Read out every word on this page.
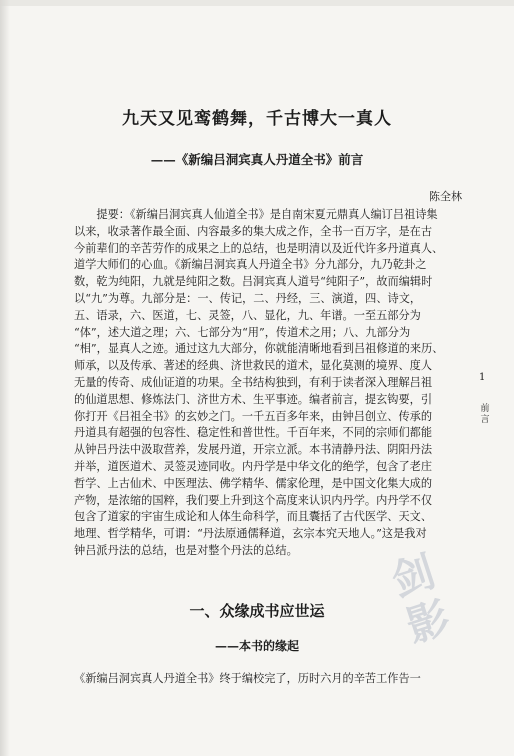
九天又见鸾鹤舞，千古博大一真人
——《新编吕洞宾真人丹道全书》前言
陈全林

　　提要：《新编吕洞宾真人仙道全书》是自南宋夏元鼎真人编订吕祖诗集

以来，收录著作最全面、内容最多的集大成之作，全书一百万字，是在古

今前辈们的辛苦劳作的成果之上的总结，也是明清以及近代许多丹道真人、

道学大师们的心血。《新编吕洞宾真人丹道全书》分九部分，九乃乾卦之

数，乾为纯阳，九就是纯阳之数。吕洞宾真人道号“纯阳子”，故而编辑时

以“九”为尊。九部分是：一、传记，二、丹经，三、演道，四、诗文，

五、语录，六、医道，七、灵签，八、显化，九、年谱。一至五部分为

“体”，述大道之理；六、七部分为“用”，传道术之用；八、九部分为

“相”，显真人之迹。通过这九大部分，你就能清晰地看到吕祖修道的来历、

师承，以及传承、著述的经典、济世救民的道术，显化莫测的境界、度人

无量的传奇、成仙证道的功果。全书结构独到，有利于读者深入理解吕祖

的仙道思想、修炼法门、济世方术、生平事迹。编者前言，提玄钩要，引

你打开《吕祖全书》的玄妙之门。一千五百多年来，由钟吕创立、传承的

丹道具有超强的包容性、稳定性和普世性。千百年来，不同的宗师们都能

从钟吕丹法中汲取营养，发展丹道，开宗立派。本书清静丹法、阴阳丹法

并举，道医道术、灵签灵迹同收。内丹学是中华文化的绝学，包含了老庄

哲学、上古仙术、中医理法、佛学精华、儒家伦理，是中国文化集大成的

产物，是浓缩的国粹，我们要上升到这个高度来认识内丹学。内丹学不仅

包含了道家的宇宙生成论和人体生命科学，而且囊括了古代医学、天文、

地理、哲学精华，可谓：“丹法原通儒释道，玄宗本究天地人。”这是我对

钟吕派丹法的总结，也是对整个丹法的总结。

一、众缘成书应世运
——本书的缘起
《新编吕洞宾真人丹道全书》终于编校完了，历时六月的辛苦工作告一
1
前言
剑
影
